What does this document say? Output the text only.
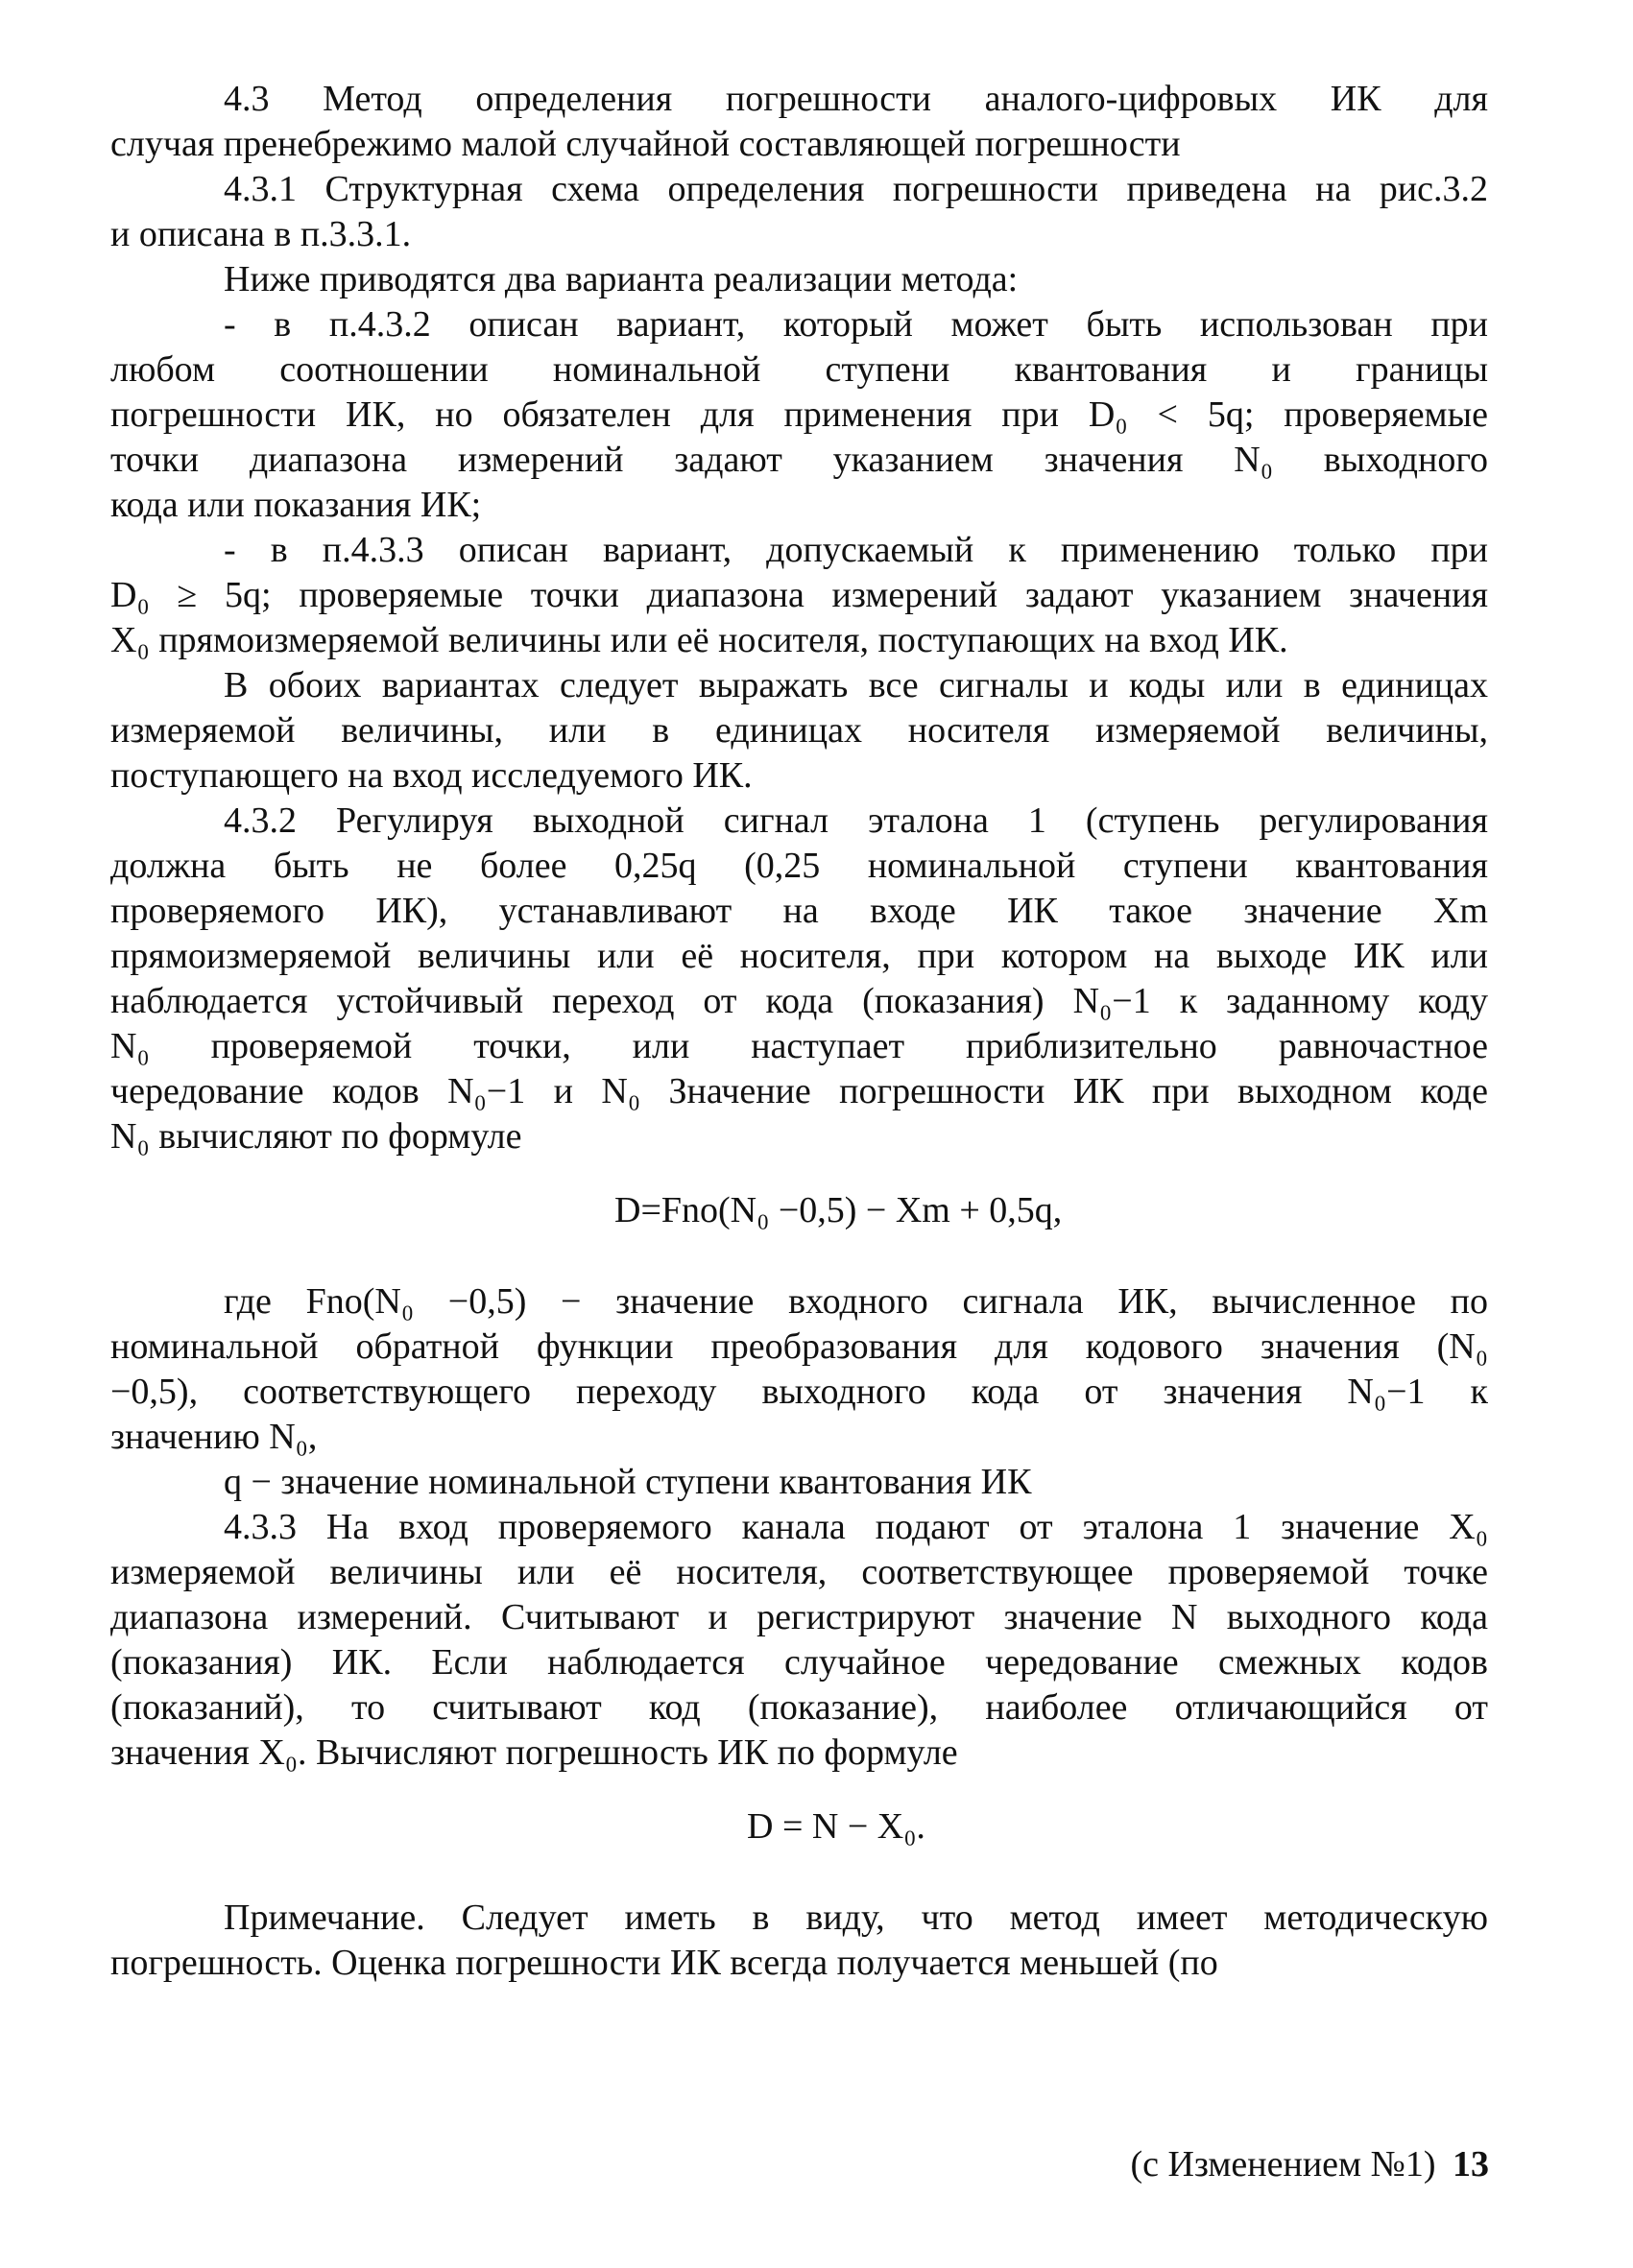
4.3 Метод определения погрешности аналого-цифровых ИК для
случая пренебрежимо малой случайной составляющей погрешности
4.3.1 Структурная схема определения погрешности приведена на рис.3.2
и описана в п.3.3.1.
Ниже приводятся два варианта реализации метода:
- в п.4.3.2 описан вариант, который может быть использован при
любом соотношении номинальной ступени квантования и границы
погрешности ИК, но обязателен для применения при D₀ < 5q; проверяемые
точки диапазона измерений задают указанием значения N₀ выходного
кода или показания ИК;
- в п.4.3.3 описан вариант, допускаемый к применению только при
D₀ ≥ 5q; проверяемые точки диапазона измерений задают указанием значения
X₀ прямоизмеряемой величины или её носителя, поступающих на вход ИК.
В обоих вариантах следует выражать все сигналы и коды или в единицах
измеряемой величины, или в единицах носителя измеряемой величины,
поступающего на вход исследуемого ИК.
4.3.2 Регулируя выходной сигнал эталона 1 (ступень регулирования
должна быть не более 0,25q (0,25 номинальной ступени квантования
проверяемого ИК), устанавливают на входе ИК такое значение Xm
прямоизмеряемой величины или её носителя, при котором на выходе ИК или
наблюдается устойчивый переход от кода (показания) N₀−1 к заданному коду
N₀ проверяемой точки, или наступает приблизительно равночастное
чередование кодов N₀−1 и N₀ Значение погрешности ИК при выходном коде
N₀ вычисляют по формуле
D=Fno(N₀ −0,5) − Xm + 0,5q,
где Fno(N₀ −0,5) − значение входного сигнала ИК, вычисленное по
номинальной обратной функции преобразования для кодового значения (N₀
−0,5), соответствующего переходу выходного кода от значения N₀−1 к
значению N₀,
q − значение номинальной ступени квантования ИК
4.3.3 На вход проверяемого канала подают от эталона 1 значение X₀
измеряемой величины или её носителя, соответствующее проверяемой точке
диапазона измерений. Считывают и регистрируют значение N выходного кода
(показания) ИК. Если наблюдается случайное чередование смежных кодов
(показаний), то считывают код (показание), наиболее отличающийся от
значения X₀. Вычисляют погрешность ИК по формуле
D = N − X₀.
Примечание. Следует иметь в виду, что метод имеет методическую
погрешность. Оценка погрешности ИК всегда получается меньшей (по
(с Изменением №1) 13
